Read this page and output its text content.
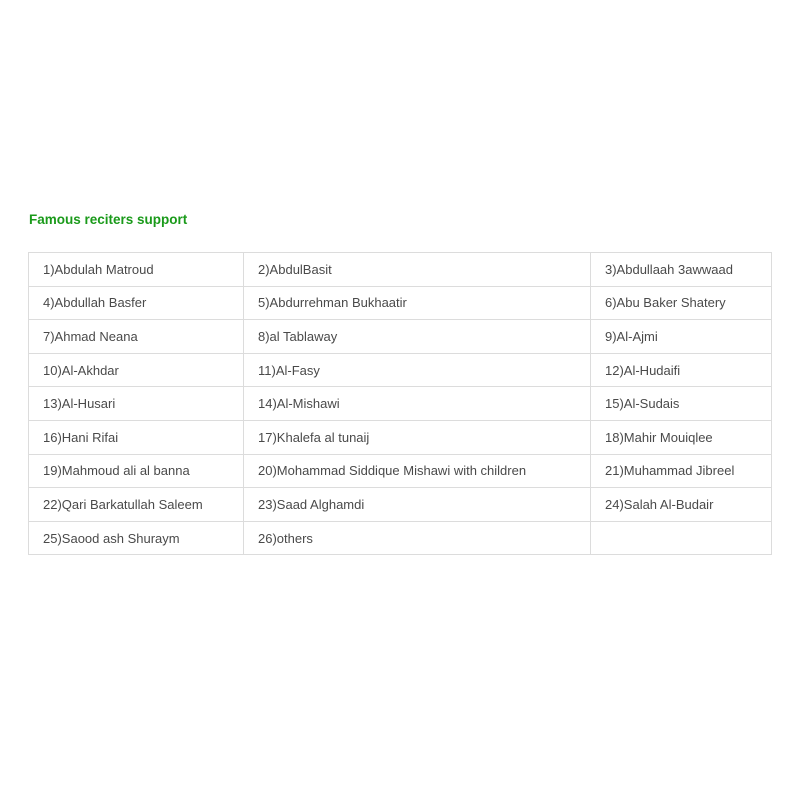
Famous reciters support
1)Abdulah Matroud	2)AbdulBasit	3)Abdullaah 3awwaad
4)Abdullah Basfer	5)Abdurrehman Bukhaatir	6)Abu Baker Shatery
7)Ahmad Neana	8)al Tablaway	9)Al-Ajmi
10)Al-Akhdar	11)Al-Fasy	12)Al-Hudaifi
13)Al-Husari	14)Al-Mishawi	15)Al-Sudais
16)Hani Rifai	17)Khalefa al tunaij	18)Mahir Mouiqlee
19)Mahmoud ali al banna	20)Mohammad Siddique Mishawi with children	21)Muhammad Jibreel
22)Qari Barkatullah Saleem	23)Saad Alghamdi	24)Salah Al-Budair
25)Saood ash Shuraym	26)others	
